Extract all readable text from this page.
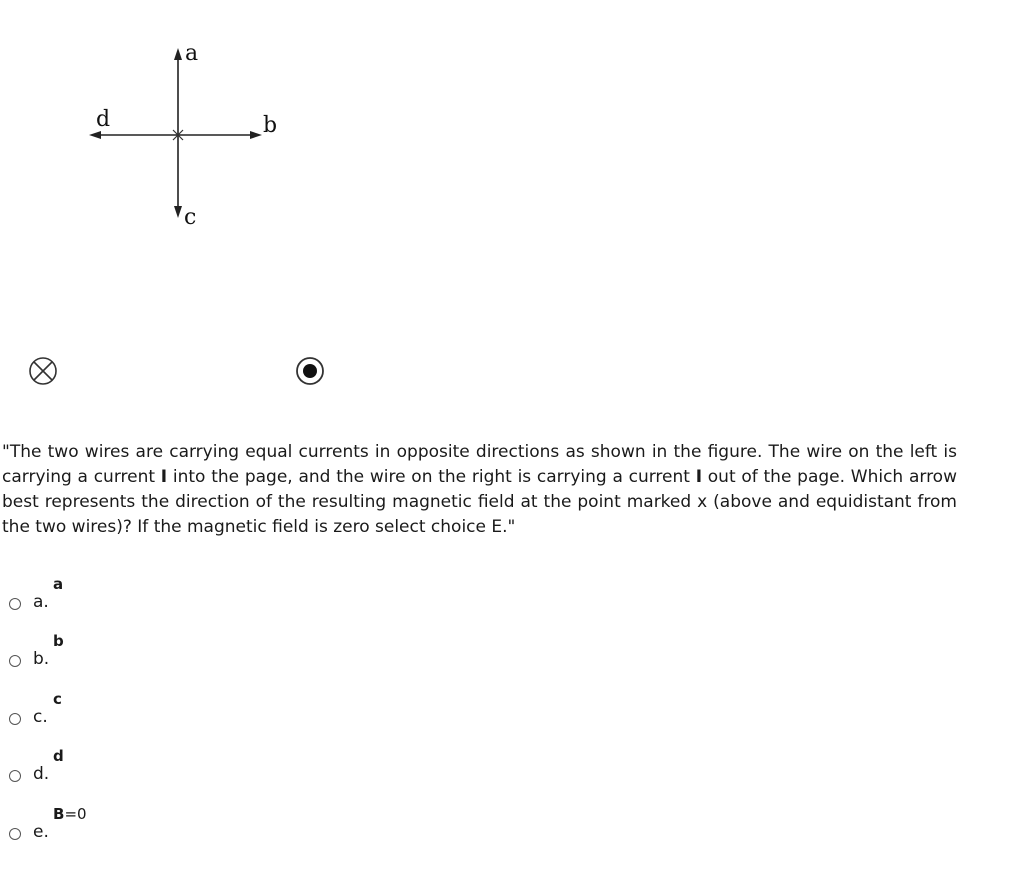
a
b
c
d

"The two wires are carrying equal currents in opposite directions as shown in the figure. The wire on the left is carrying a current I into the page, and the wire on the right is carrying a current I out of the page. Which arrow best represents the direction of the resulting magnetic field at the point marked x (above and equidistant from the two wires)? If the magnetic field is zero select choice E."

a.
a
b.
b
c.
c
d.
d
e.
B=0
